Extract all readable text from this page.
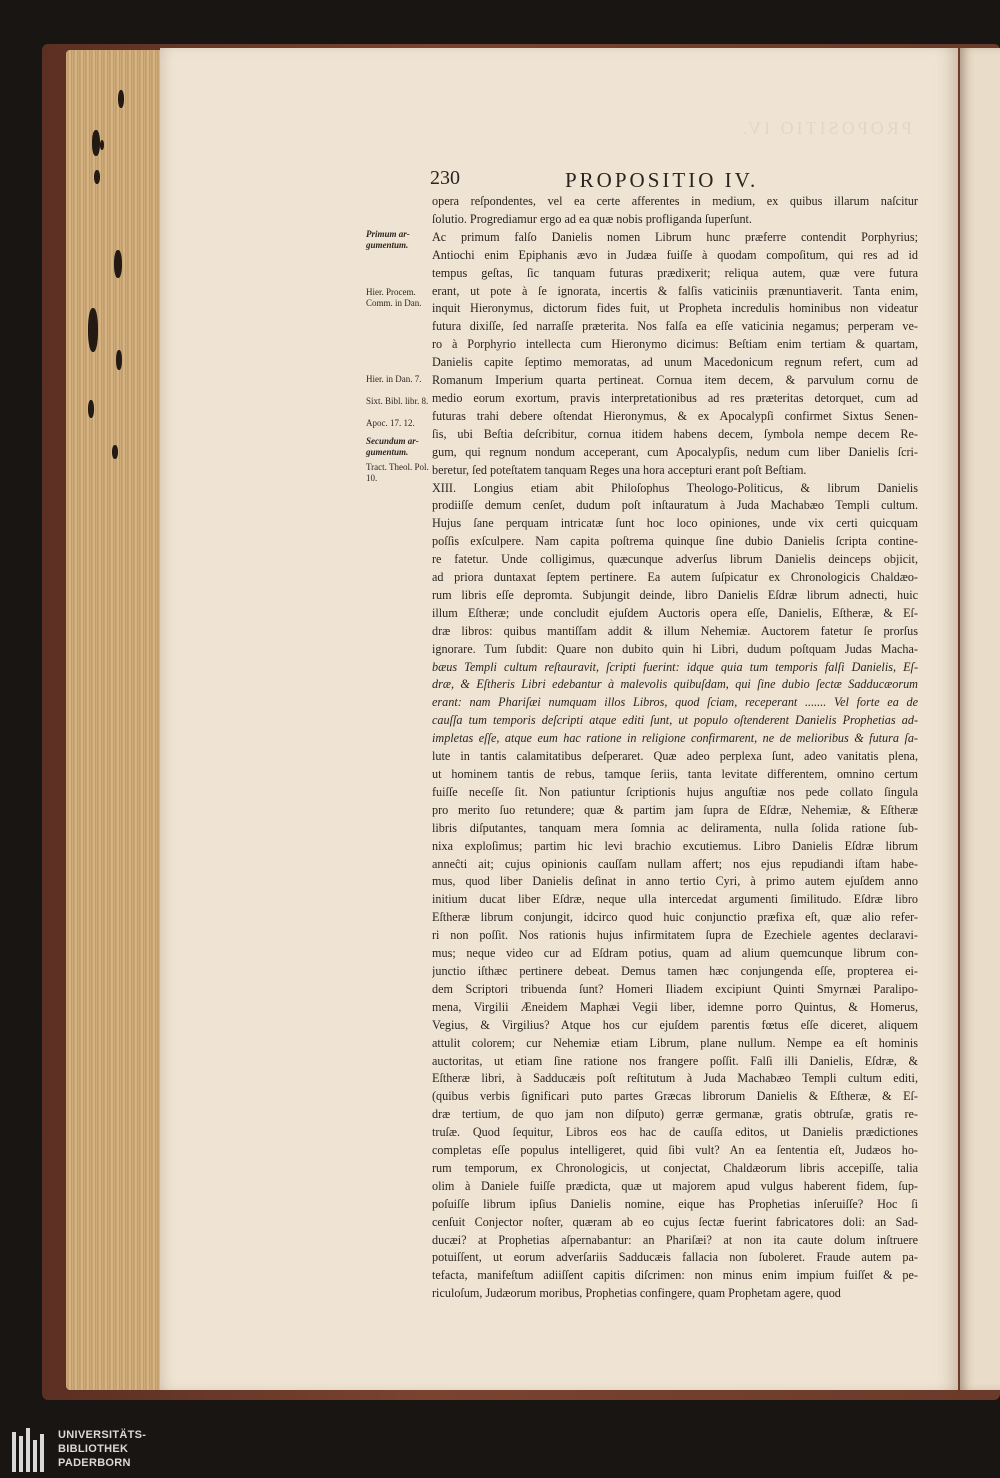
PROPOSITIO IV.
230	PROPOSITIO IV.
Primum ar- gumentum.
Hier. Procem. Comm. in Dan.
Hier. in Dan. 7.
Sixt. Bibl. libr. 8.
Apoc. 17. 12.
Secundum ar- gumentum.
Tract. Theol. Pol. 10.
opera reſpondentes, vel ea certe afferentes in medium, ex quibus illarum naſcitur
ſolutio. Progrediamur ergo ad ea quæ nobis profliganda ſuperſunt.
Ac primum falſo Danielis nomen Librum hunc præferre contendit Porphyrius;
Antiochi enim Epiphanis ævo in Judæa fuiſſe à quodam compoſitum, qui res ad id
tempus geſtas, ſic tanquam futuras prædixerit; reliqua autem, quæ vere futura
erant, ut pote à ſe ignorata, incertis & falſis vaticiniis prænuntiaverit. Tanta enim,
inquit Hieronymus, dictorum fides fuit, ut Propheta incredulis hominibus non videatur
futura dixiſſe, ſed narraſſe præterita. Nos falſa ea eſſe vaticinia negamus; perperam ve-
ro à Porphyrio intellecta cum Hieronymo dicimus: Beſtiam enim tertiam & quartam,
Danielis capite ſeptimo memoratas, ad unum Macedonicum regnum refert, cum ad
Romanum Imperium quarta pertineat. Cornua item decem, & parvulum cornu de
medio eorum exortum, pravis interpretationibus ad res præteritas detorquet, cum ad
futuras trahi debere oſtendat Hieronymus, & ex Apocalypſi confirmet Sixtus Senen-
ſis, ubi Beſtia deſcribitur, cornua itidem habens decem, ſymbola nempe decem Re-
gum, qui regnum nondum acceperant, cum Apocalypſis, nedum cum liber Danielis ſcri-
beretur, ſed poteſtatem tanquam Reges una hora accepturi erant poſt Beſtiam.
XIII. Longius etiam abit Philoſophus Theologo-Politicus, & librum Danielis
prodiiſſe demum cenſet, dudum poſt inſtauratum à Juda Machabæo Templi cultum.
Hujus ſane perquam intricatæ ſunt hoc loco opiniones, unde vix certi quicquam
poſſis exſculpere. Nam capita poſtrema quinque ſine dubio Danielis ſcripta contine-
re fatetur. Unde colligimus, quæcunque adverſus librum Danielis deinceps objicit,
ad priora duntaxat ſeptem pertinere. Ea autem ſuſpicatur ex Chronologicis Chaldæo-
rum libris eſſe depromta. Subjungit deinde, libro Danielis Eſdræ librum adnecti, huic
illum Eſtheræ; unde concludit ejuſdem Auctoris opera eſſe, Danielis, Eſtheræ, & Eſ-
dræ libros: quibus mantiſſam addit & illum Nehemiæ. Auctorem fatetur ſe prorſus
ignorare. Tum ſubdit: Quare non dubito quin hi Libri, dudum poſtquam Judas Macha-
bæus Templi cultum reſtauravit, ſcripti fuerint: idque quia tum temporis falſi Danielis, Eſ-
dræ, & Eſtheris Libri edebantur à malevolis quibuſdam, qui ſine dubio ſectæ Sadducæorum
erant: nam Phariſæi numquam illos Libros, quod ſciam, receperant ....... Vel forte ea de
cauſſa tum temporis deſcripti atque editi ſunt, ut populo oſtenderent Danielis Prophetias ad-
impletas eſſe, atque eum hac ratione in religione confirmarent, ne de melioribus & futura ſa-
lute in tantis calamitatibus deſperaret. Quæ adeo perplexa ſunt, adeo vanitatis plena,
ut hominem tantis de rebus, tamque ſeriis, tanta levitate differentem, omnino certum
fuiſſe neceſſe ſit. Non patiuntur ſcriptionis hujus anguſtiæ nos pede collato ſingula
pro merito ſuo retundere; quæ & partim jam ſupra de Eſdræ, Nehemiæ, & Eſtheræ
libris diſputantes, tanquam mera ſomnia ac deliramenta, nulla ſolida ratione ſub-
nixa exploſimus; partim hic levi brachio excutiemus. Libro Danielis Eſdræ librum
anneĉti ait; cujus opinionis cauſſam nullam affert; nos ejus repudiandi iſtam habe-
mus, quod liber Danielis deſinat in anno tertio Cyri, à primo autem ejuſdem anno
initium ducat liber Eſdræ, neque ulla intercedat argumenti ſimilitudo. Eſdræ libro
Eſtheræ librum conjungit, idcirco quod huic conjunctio præfixa eſt, quæ alio refer-
ri non poſſit. Nos rationis hujus infirmitatem ſupra de Ezechiele agentes declaravi-
mus; neque video cur ad Eſdram potius, quam ad alium quemcunque librum con-
junctio iſthæc pertinere debeat. Demus tamen hæc conjungenda eſſe, propterea ei-
dem Scriptori tribuenda ſunt? Homeri Iliadem excipiunt Quinti Smyrnæi Paralipo-
mena, Virgilii Æneidem Maphæi Vegii liber, idemne porro Quintus, & Homerus,
Vegius, & Virgilius? Atque hos cur ejuſdem parentis fœtus eſſe diceret, aliquem
attulit colorem; cur Nehemiæ etiam Librum, plane nullum. Nempe ea eſt hominis
auctoritas, ut etiam ſine ratione nos frangere poſſit. Falſi illi Danielis, Eſdræ, &
Eſtheræ libri, à Sadducæis poſt reſtitutum à Juda Machabæo Templi cultum editi,
(quibus verbis ſignificari puto partes Græcas librorum Danielis & Eſtheræ, & Eſ-
dræ tertium, de quo jam non diſputo) gerræ germanæ, gratis obtruſæ, gratis re-
truſæ. Quod ſequitur, Libros eos hac de cauſſa editos, ut Danielis prædictiones
completas eſſe populus intelligeret, quid ſibi vult? An ea ſententia eſt, Judæos ho-
rum temporum, ex Chronologicis, ut conjectat, Chaldæorum libris accepiſſe, talia
olim à Daniele fuiſſe prædicta, quæ ut majorem apud vulgus haberent fidem, ſup-
poſuiſſe librum ipſius Danielis nomine, eique has Prophetias inſeruiſſe? Hoc ſi
cenſuit Conjector noſter, quæram ab eo cujus ſectæ fuerint fabricatores doli: an Sad-
ducæi? at Prophetias aſpernabantur: an Phariſæi? at non ita caute dolum inſtruere
potuiſſent, ut eorum adverſariis Sadducæis fallacia non ſuboleret. Fraude autem pa-
tefacta, manifeſtum adiiſſent capitis diſcrimen: non minus enim impium fuiſſet & pe-
riculoſum, Judæorum moribus, Prophetias confingere, quam Prophetam agere, quod
UNIVERSITÄTS-
BIBLIOTHEK
PADERBORN
